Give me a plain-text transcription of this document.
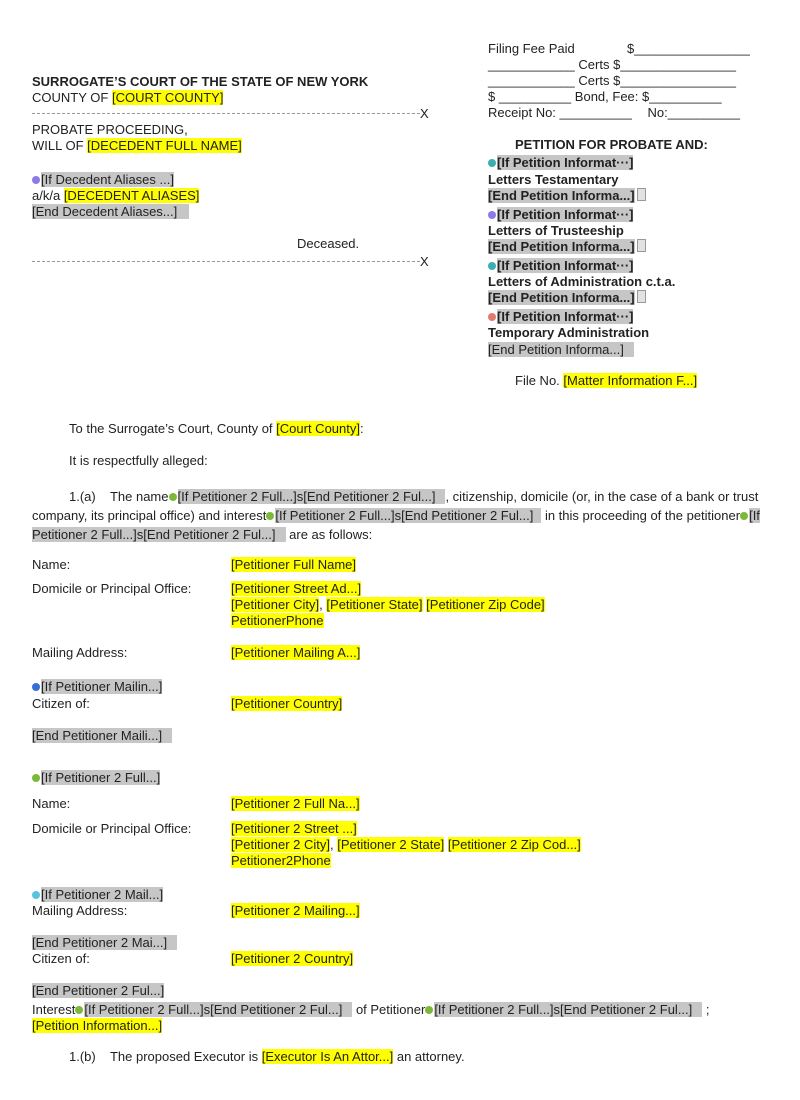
Filing Fee Paid	$________________
____________ Certs $________________
____________ Certs $________________
$ __________ Bond, Fee: $__________
Receipt No: __________ No:__________
SURROGATE’S COURT OF THE STATE OF NEW YORK
COUNTY OF [COURT COUNTY]
X
PROBATE PROCEEDING,
WILL OF [DECEDENT FULL NAME]
[If Decedent Aliases ...]
a/k/a [DECEDENT ALIASES]
[End Decedent Aliases...]
Deceased.
X
PETITION FOR PROBATE AND:
[If Petition Informat···]
Letters Testamentary
[End Petition Informa...]
[If Petition Informat···]
Letters of Trusteeship
[End Petition Informa...]
[If Petition Informat···]
Letters of Administration c.t.a.
[End Petition Informa...]
[If Petition Informat···]
Temporary Administration
[End Petition Informa...]
File No. [Matter Information F...]
To the Surrogate’s Court, County of [Court County]:
It is respectfully alleged:
1.(a) The name [If Petitioner 2 Full...]s[End Petitioner 2 Ful...] , citizenship, domicile (or, in the case of a bank or trust company, its principal office) and interest [If Petitioner 2 Full...]s[End Petitioner 2 Ful...] in this proceeding of the petitioner [If Petitioner 2 Full...]s[End Petitioner 2 Ful...] are as follows:
Name:	[Petitioner Full Name]
Domicile or Principal Office:	[Petitioner Street Ad...]
[Petitioner City], [Petitioner State] [Petitioner Zip Code]
PetitionerPhone
Mailing Address:	[Petitioner Mailing A...]
[If Petitioner Mailin...]
Citizen of:	[Petitioner Country]
[End Petitioner Maili...]
[If Petitioner 2 Full...]
Name:	[Petitioner 2 Full Na...]
Domicile or Principal Office:	[Petitioner 2 Street ...]
[Petitioner 2 City], [Petitioner 2 State] [Petitioner 2 Zip Cod...]
Petitioner2Phone
[If Petitioner 2 Mail...]
Mailing Address:	[Petitioner 2 Mailing...]
[End Petitioner 2 Mai...]
Citizen of:	[Petitioner 2 Country]
[End Petitioner 2 Ful...]
Interest [If Petitioner 2 Full...]s[End Petitioner 2 Ful...] of Petitioner [If Petitioner 2 Full...]s[End Petitioner 2 Ful...] ;
[Petition Information...]
1.(b) The proposed Executor is [Executor Is An Attor...] an attorney.
